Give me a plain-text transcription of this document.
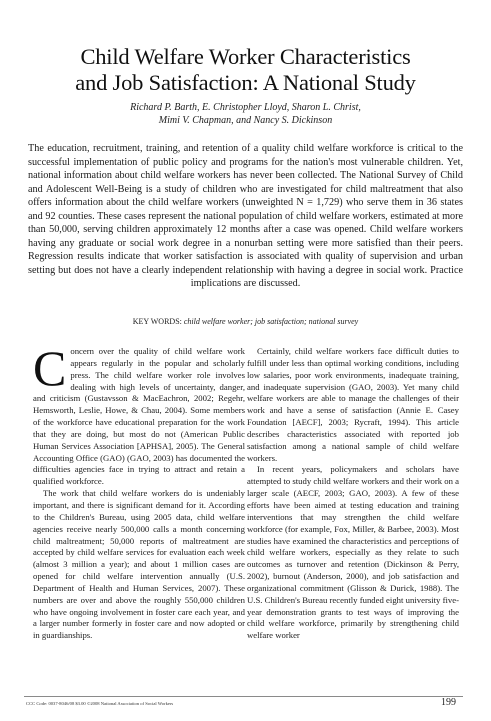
Child Welfare Worker Characteristics
and Job Satisfaction: A National Study
Richard P. Barth, E. Christopher Lloyd, Sharon L. Christ,
Mimi V. Chapman, and Nancy S. Dickinson
The education, recruitment, training, and retention of a quality child welfare workforce is critical to the successful implementation of public policy and programs for the nation's most vulnerable children. Yet, national information about child welfare workers has never been collected. The National Survey of Child and Adolescent Well-Being is a study of children who are investigated for child maltreatment that also offers information about the child welfare workers (unweighted N = 1,729) who serve them in 36 states and 92 counties. These cases represent the national population of child welfare workers, estimated at more than 50,000, serving children approximately 12 months after a case was opened. Child welfare workers having any graduate or social work degree in a nonurban setting were more satisfied than their peers. Regression results indicate that worker satisfaction is associated with quality of supervision and urban setting but does not have a clearly independent relationship with having a degree in social work. Practice implications are discussed.
KEY WORDS: child welfare worker; job satisfaction; national survey

Concern over the quality of child welfare work appears regularly in the popular and scholarly press. The child welfare worker role involves dealing with high levels of uncertainty, danger, and criticism (Gustavsson & MacEachron, 2002; Regehr, Hemsworth, Leslie, Howe, & Chau, 2004). Some members of the workforce have educational preparation for the work that they are doing, but most do not (American Public Human Services Association [APHSA], 2005). The General Accounting Office (GAO) (GAO, 2003) has documented the difficulties agencies face in trying to attract and retain a qualified workforce.

The work that child welfare workers do is undeniably important, and there is significant demand for it. According to the Children's Bureau, using 2005 data, child welfare agencies receive nearly 500,000 calls a month concerning child maltreatment; 50,000 reports of maltreatment are accepted by child welfare services for evaluation each week (almost 3 million a year); and about 1 million cases are opened for child welfare intervention annually (U.S. Department of Health and Human Services, 2007). These numbers are over and above the roughly 550,000 children who have ongoing involvement in foster care each year, and a larger number formerly in foster care and now adopted or in guardianships.

Certainly, child welfare workers face difficult duties to fulfill under less than optimal working conditions, including low salaries, poor work environments, inadequate training, and inadequate supervision (GAO, 2003). Yet many child welfare workers are able to manage the challenges of their work and have a sense of satisfaction (Annie E. Casey Foundation [AECF], 2003; Rycraft, 1994). This article describes characteristics associated with reported job satisfaction among a national sample of child welfare workers.

In recent years, policymakers and scholars have attempted to study child welfare workers and their work on a larger scale (AECF, 2003; GAO, 2003). A few of these efforts have been aimed at testing education and training interventions that may strengthen the child welfare workforce (for example, Fox, Miller, & Barbee, 2003). Most studies have examined the characteristics and perceptions of child welfare workers, especially as they relate to such outcomes as turnover and retention (Dickinson & Perry, 2002), burnout (Anderson, 2000), and job satisfaction and organizational commitment (Glisson & Durick, 1988). The U.S. Children's Bureau recently funded eight university five-year demonstration grants to test ways of improving the child welfare workforce, primarily by strengthening child welfare worker

CCC Code: 0037-8046/08 $3.00 ©2008 National Association of Social Workers	199
